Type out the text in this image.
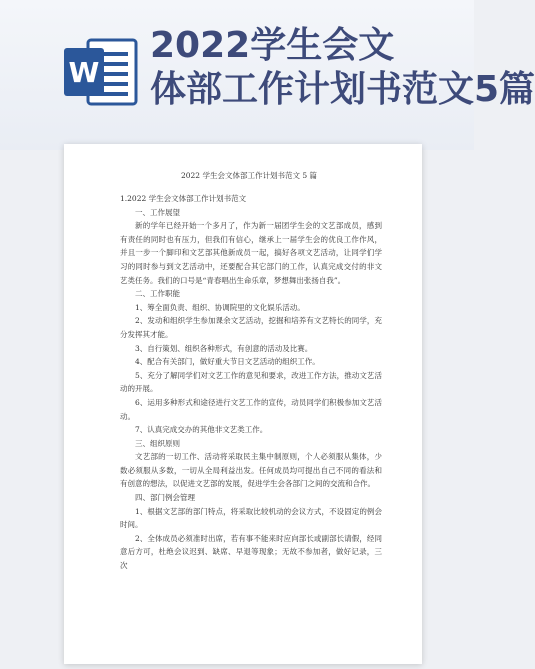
W
2022学生会文
体部工作计划书范文5篇
2022 学生会文体部工作计划书范文 5 篇

1.2022 学生会文体部工作计划书范文

一、工作展望

新的学年已经开始一个多月了，作为新一届团学生会的文艺部成员，感到有责任的同时也有压力，但我们有信心，继承上一届学生会的优良工作作风，并且一步一个脚印和文艺部其他新成员一起，搞好各项文艺活动，让同学们学习的同时参与到文艺活动中，还要配合其它部门的工作，认真完成交付的非文艺类任务。我们的口号是“青春唱出生命乐章，梦想舞出张扬自我”。

二、工作职能

1、筹全面负责、组织、协调院里的文化娱乐活动。

2、发动和组织学生参加课余文艺活动，挖掘和培养有文艺特长的同学，充分发挥其才能。

3、自行策划、组织各种形式，有创意的活动及比赛。

4、配合有关部门，做好重大节日文艺活动的组织工作。

5、充分了解同学们对文艺工作的意见和要求，改进工作方法，推动文艺活动的开展。

6、运用多种形式和途径进行文艺工作的宣传，动员同学们积极参加文艺活动。

7、认真完成交办的其他非文艺类工作。

三、组织原则

文艺部的一切工作、活动将采取民主集中制原则，个人必须服从集体，少数必须服从多数，一切从全局利益出发。任何成员均可提出自己不同的看法和有创意的想法，以促进文艺部的发展，促进学生会各部门之间的交流和合作。

四、部门例会管理

1、根据文艺部的部门特点，将采取比较机动的会议方式，不设固定的例会时间。

2、全体成员必须准时出席，若有事不能来时应向部长或副部长请假，经同意后方可，杜绝会议迟到、缺席、早退等现象；无故不参加者，做好记录，三次
